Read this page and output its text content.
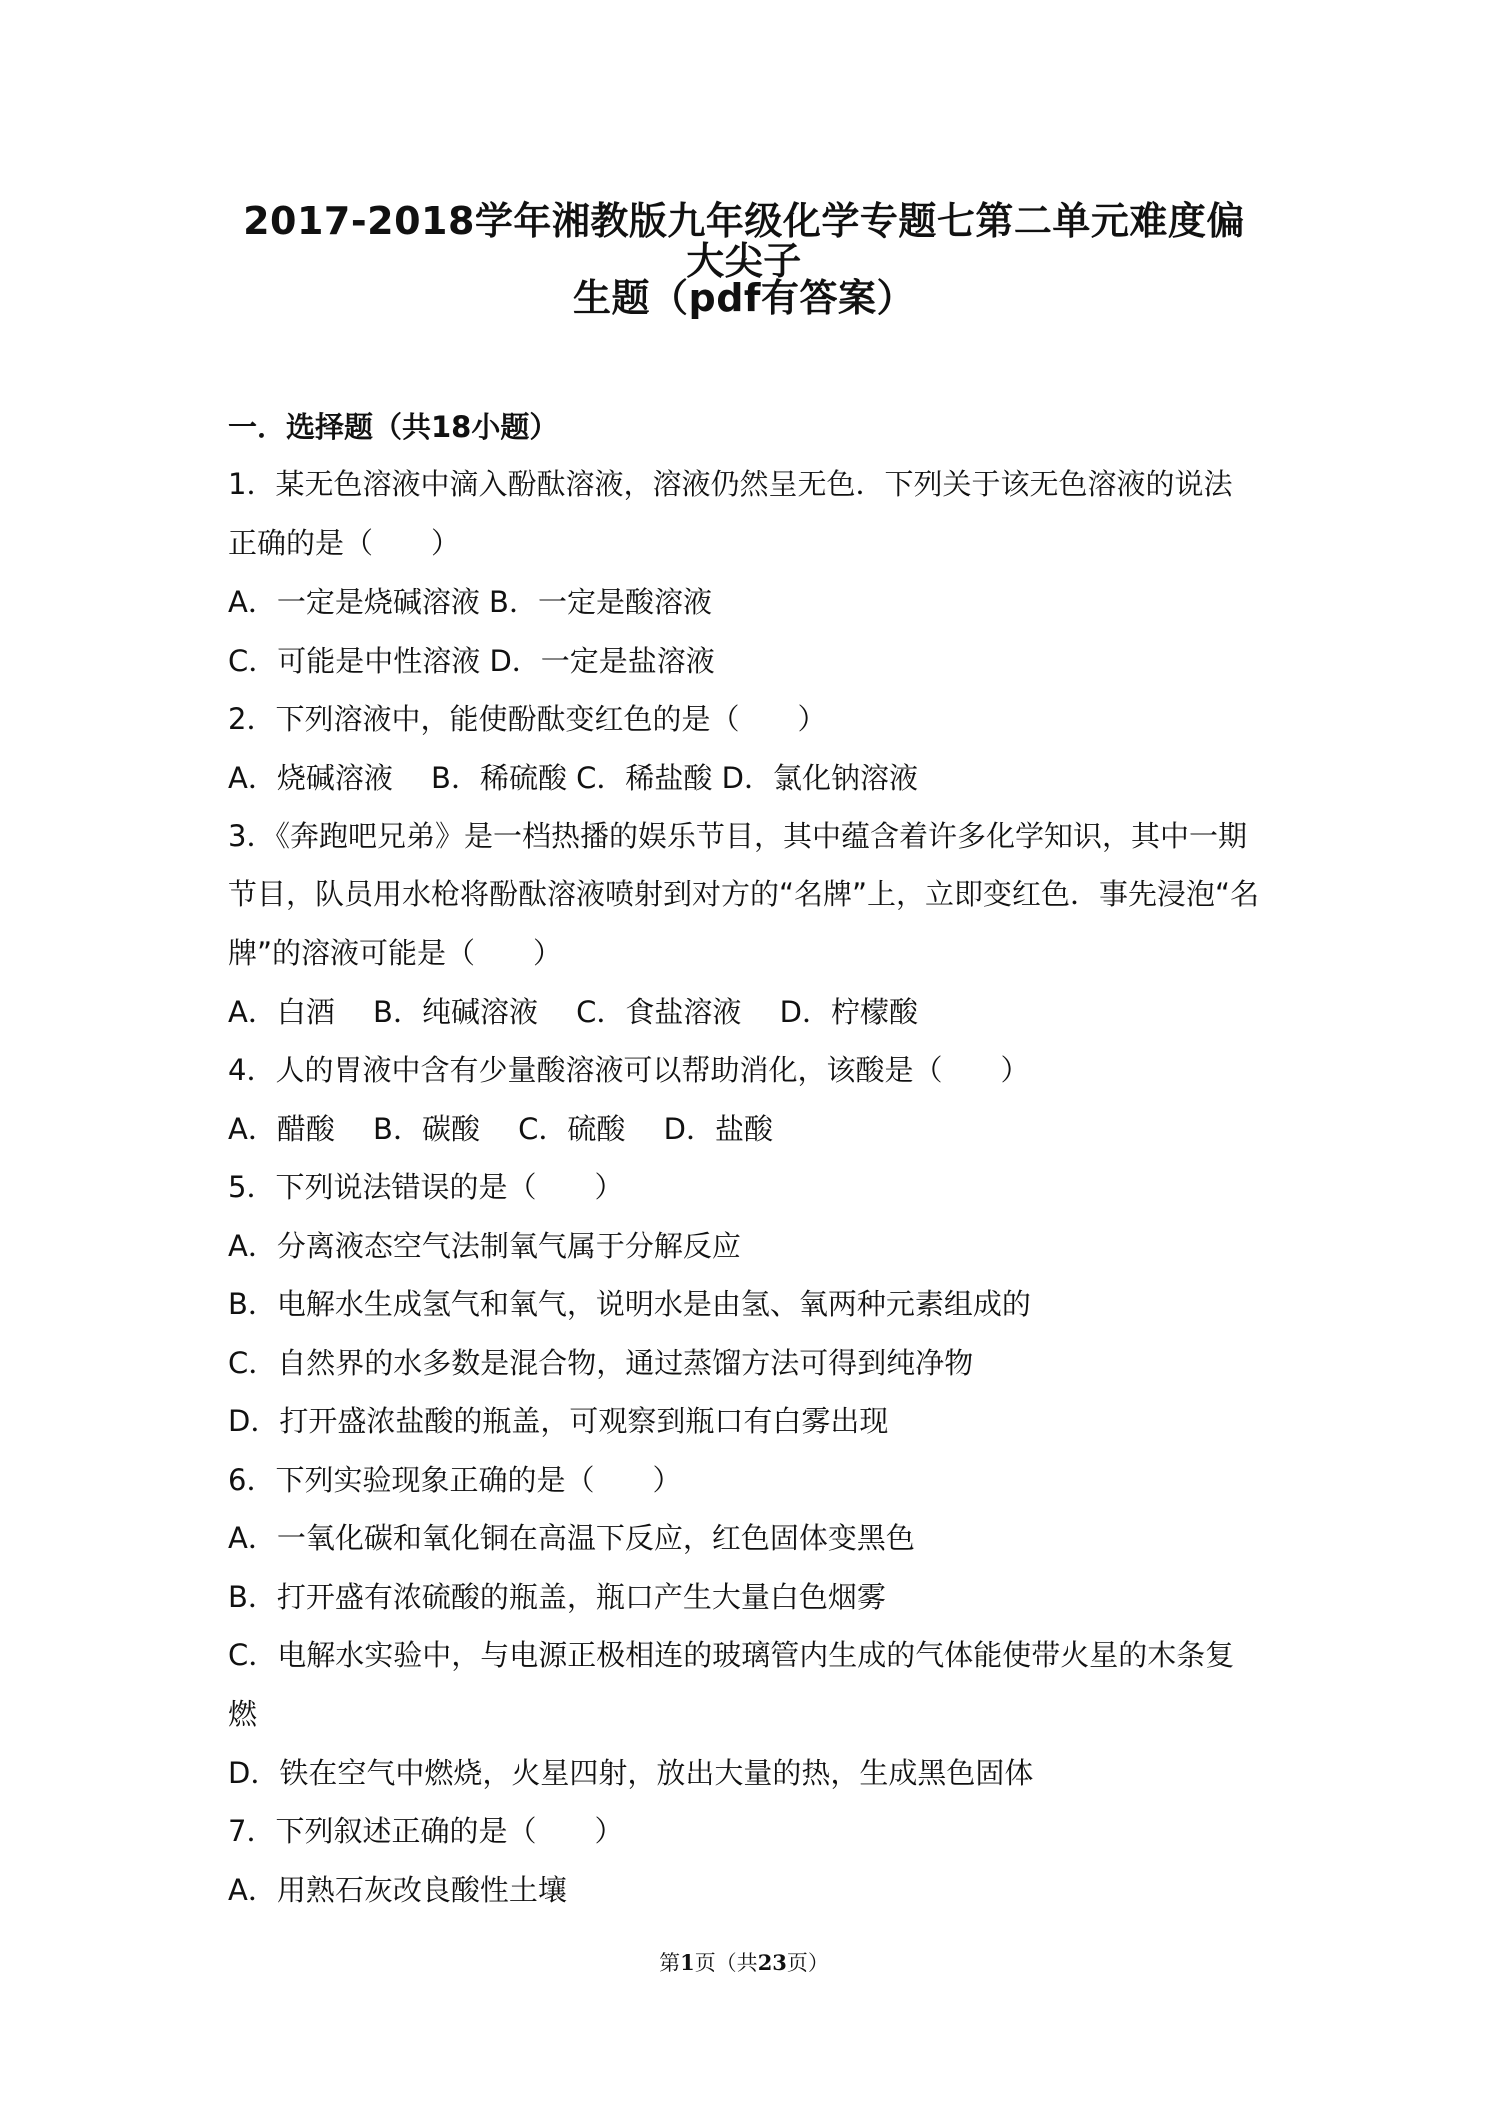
2017-2018学年湘教版九年级化学专题七第二单元难度偏大尖子
生题（pdf有答案）
一．选择题（共18小题）
1．某无色溶液中滴入酚酞溶液，溶液仍然呈无色．下列关于该无色溶液的说法
正确的是（　　）
A．一定是烧碱溶液 B．一定是酸溶液
C．可能是中性溶液 D．一定是盐溶液
2．下列溶液中，能使酚酞变红色的是（　　）
A．烧碱溶液　 B．稀硫酸 C．稀盐酸 D．氯化钠溶液
3．《奔跑吧兄弟》是一档热播的娱乐节目，其中蕴含着许多化学知识，其中一期
节目，队员用水枪将酚酞溶液喷射到对方的“名牌”上，立即变红色．事先浸泡“名
牌”的溶液可能是（　　）
A．白酒　 B．纯碱溶液　 C．食盐溶液　 D．柠檬酸
4．人的胃液中含有少量酸溶液可以帮助消化，该酸是（　　）
A．醋酸　 B．碳酸　 C．硫酸　 D．盐酸
5．下列说法错误的是（　　）
A．分离液态空气法制氧气属于分解反应
B．电解水生成氢气和氧气，说明水是由氢、氧两种元素组成的
C．自然界的水多数是混合物，通过蒸馏方法可得到纯净物
D．打开盛浓盐酸的瓶盖，可观察到瓶口有白雾出现
6．下列实验现象正确的是（　　）
A．一氧化碳和氧化铜在高温下反应，红色固体变黑色
B．打开盛有浓硫酸的瓶盖，瓶口产生大量白色烟雾
C．电解水实验中，与电源正极相连的玻璃管内生成的气体能使带火星的木条复
燃
D．铁在空气中燃烧，火星四射，放出大量的热，生成黑色固体
7．下列叙述正确的是（　　）
A．用熟石灰改良酸性土壤
第1页（共23页）
